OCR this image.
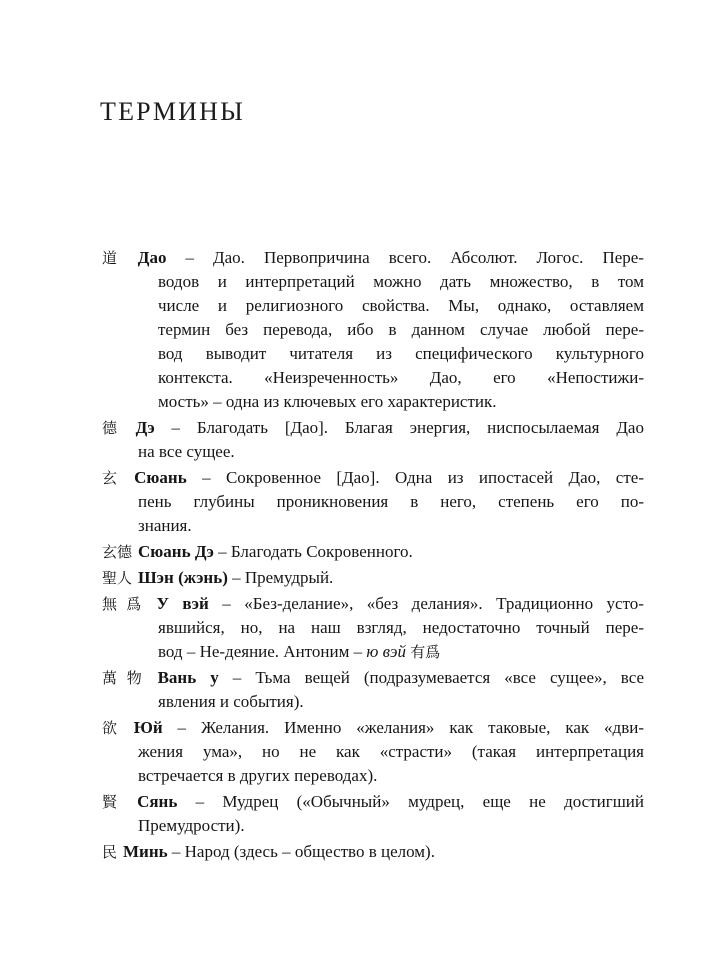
ТЕРМИНЫ
道 Дао – Дао. Первопричина всего. Абсолют. Логос. Пере-
водов и интерпретаций можно дать множество, в том
числе и религиозного свойства. Мы, однако, оставляем
термин без перевода, ибо в данном случае любой пере-
вод выводит читателя из специфического культурного
контекста. «Неизреченность» Дао, его «Непостижи-
мость» – одна из ключевых его характеристик.
德 Дэ – Благодать [Дао]. Благая энергия, ниспосылаемая Дао
на все сущее.
玄 Сюань – Сокровенное [Дао]. Одна из ипостасей Дао, сте-
пень глубины проникновения в него, степень его по-
знания.
玄德 Сюань Дэ – Благодать Сокровенного.
聖人 Шэн (жэнь) – Премудрый.
無爲 У вэй – «Без-делание», «без делания». Традиционно усто-
явшийся, но, на наш взгляд, недостаточно точный пере-
вод – Не-деяние. Антоним – ю вэй 有爲
萬物 Вань у – Тьма вещей (подразумевается «все сущее», все
явления и события).
欲 Юй – Желания. Именно «желания» как таковые, как «дви-
жения ума», но не как «страсти» (такая интерпретация
встречается в других переводах).
賢 Сянь – Мудрец («Обычный» мудрец, еще не достигший
Премудрости).
民 Минь – Народ (здесь – общество в целом).
